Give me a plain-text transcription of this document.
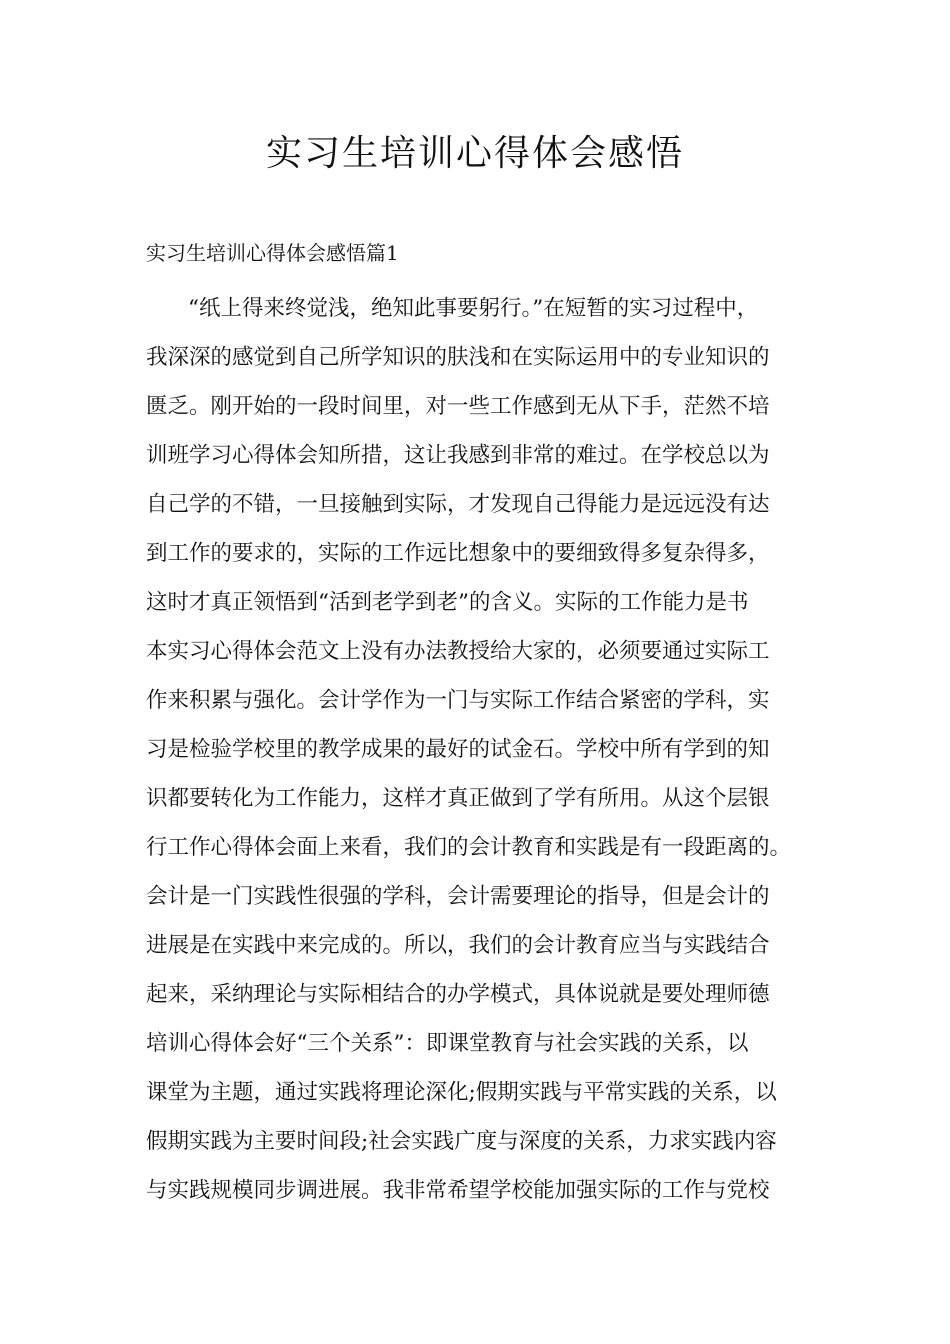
实习生培训心得体会感悟

实习生培训心得体会感悟篇1

“纸上得来终觉浅，绝知此事要躬行。”在短暂的实习过程中，
我深深的感觉到自己所学知识的肤浅和在实际运用中的专业知识的
匮乏。刚开始的一段时间里，对一些工作感到无从下手，茫然不培
训班学习心得体会知所措，这让我感到非常的难过。在学校总以为
自己学的不错，一旦接触到实际，才发现自己得能力是远远没有达
到工作的要求的，实际的工作远比想象中的要细致得多复杂得多，
这时才真正领悟到“活到老学到老”的含义。实际的工作能力是书
本实习心得体会范文上没有办法教授给大家的，必须要通过实际工
作来积累与强化。会计学作为一门与实际工作结合紧密的学科，实
习是检验学校里的教学成果的最好的试金石。学校中所有学到的知
识都要转化为工作能力，这样才真正做到了学有所用。从这个层银
行工作心得体会面上来看，我们的会计教育和实践是有一段距离的。
会计是一门实践性很强的学科，会计需要理论的指导，但是会计的
进展是在实践中来完成的。所以，我们的会计教育应当与实践结合
起来，采纳理论与实际相结合的办学模式，具体说就是要处理师德
培训心得体会好“三个关系”：即课堂教育与社会实践的关系，以
课堂为主题，通过实践将理论深化;假期实践与平常实践的关系，以
假期实践为主要时间段;社会实践广度与深度的关系，力求实践内容
与实践规模同步调进展。我非常希望学校能加强实际的工作与党校
